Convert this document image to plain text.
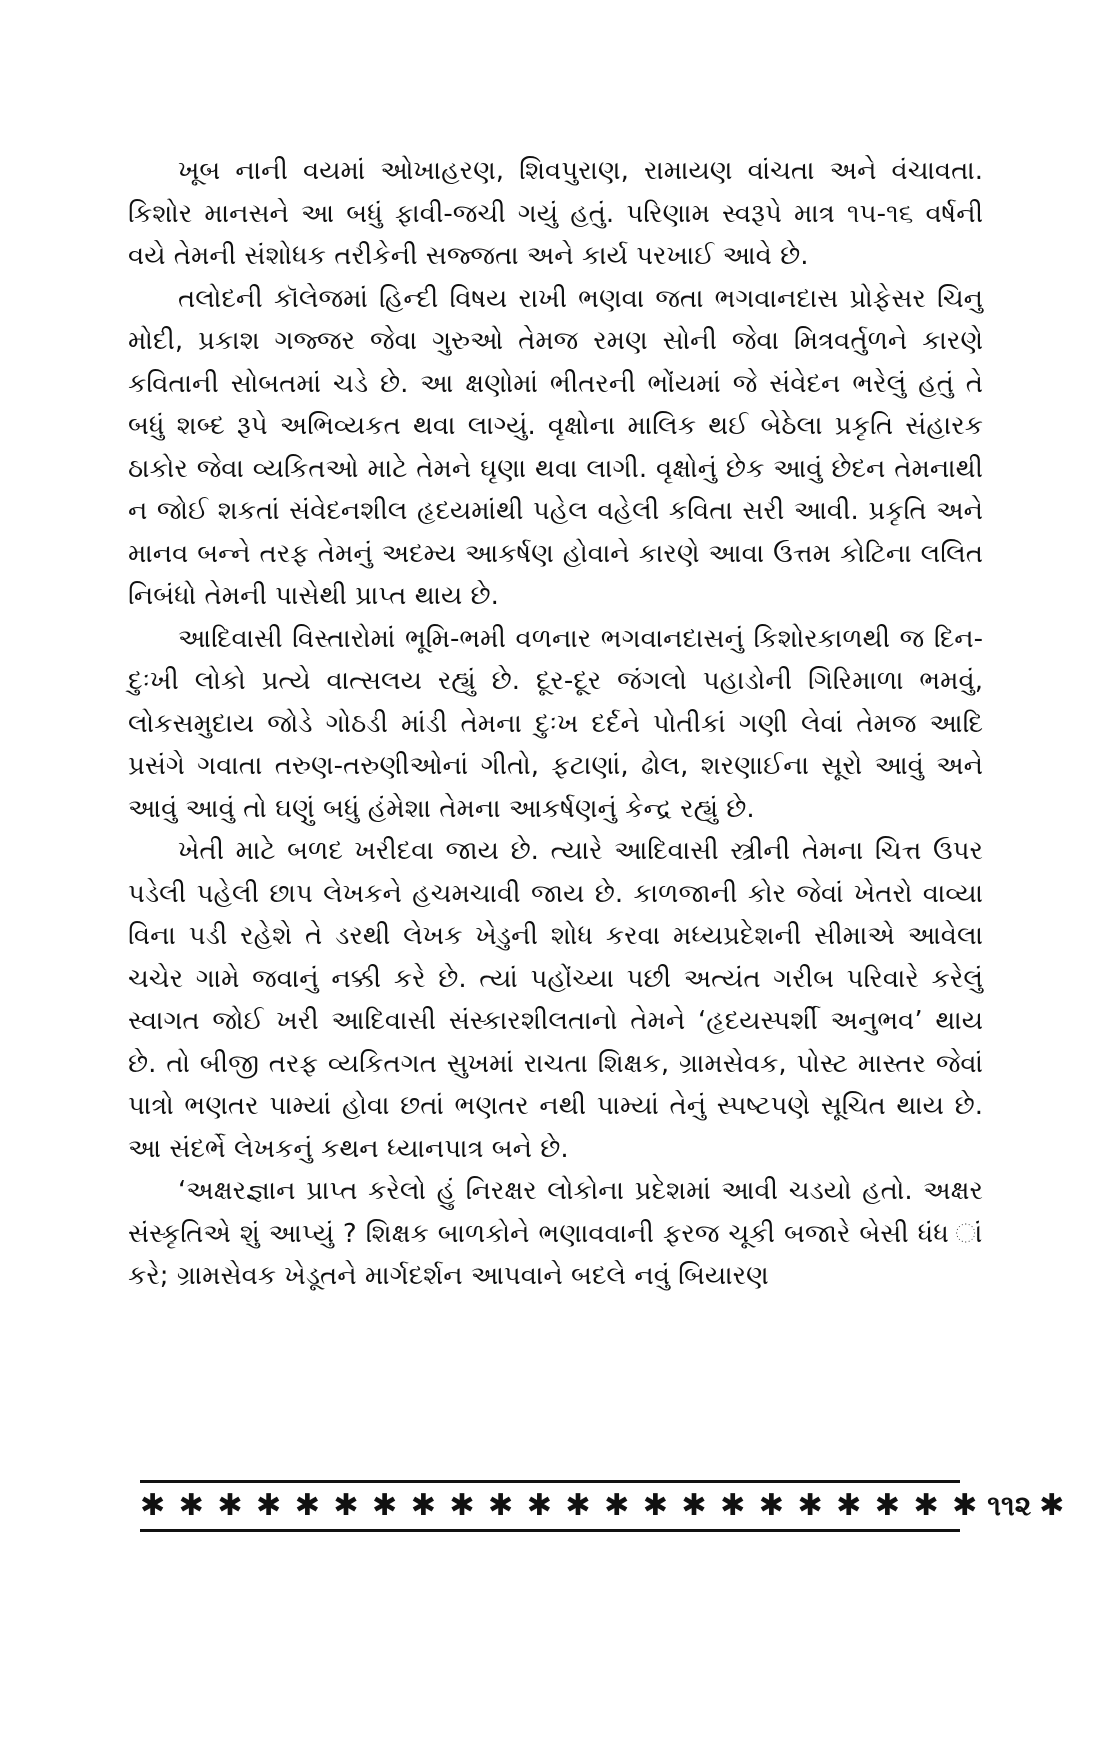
ખૂબ નાની વયમાં ઓખાહરણ, શિવપુરાણ, રામાયણ વાંચતા અને વંચાવતા. કિશોર માનસને આ બધું ફાવી-જચી ગયું હતું. પરિણામ સ્વરૂપે માત્ર ૧૫-૧૬ વર્ષની વયે તેમની સંશોધક તરીકેની સજ્જતા અને કાર્ય પરખાઈ આવે છે.

તલોદની કૉલેજમાં હિન્દી વિષય રાખી ભણવા જતા ભગવાનદાસ પ્રોફેસર ચિનુ મોદી, પ્રકાશ ગજ્જર જેવા ગુરુઓ તેમજ રમણ સોની જેવા મિત્રવર્તુળને કારણે કવિતાની સોબતમાં ચડે છે. આ ક્ષણોમાં ભીતરની ભોંયમાં જે સંવેદન ભરેલું હતું તે બધું શબ્દ રૂપે અભિવ્યકત થવા લાગ્યું. વૃક્ષોના માલિક થઈ બેઠેલા પ્રકૃતિ સંહારક ઠાકોર જેવા વ્યકિતઓ માટે તેમને ઘૃણા થવા લાગી. વૃક્ષોનું છેક આવું છેદન તેમનાથી ન જોઈ શકતાં સંવેદનશીલ હૃદયમાંથી પહેલ વહેલી કવિતા સરી આવી. પ્રકૃતિ અને માનવ બન્ને તરફ તેમનું અદમ્ય આકર્ષણ હોવાને કારણે આવા ઉત્તમ કોટિના લલિત નિબંધો તેમની પાસેથી પ્રાપ્ત થાય છે.

આદિવાસી વિસ્તારોમાં ભૂમિ-ભમી વળનાર ભગવાનદાસનું કિશોરકાળથી જ દિન-દુઃખી લોકો પ્રત્યે વાત્સલય રહ્યું છે. દૂર-દૂર જંગલો પહાડોની ગિરિમાળા ભમવું, લોકસમુદાય જોડે ગોઠડી માંડી તેમના દુઃખ દર્દને પોતીકાં ગણી લેવાં તેમજ આદિ પ્રસંગે ગવાતા તરુણ-તરુણીઓનાં ગીતો, ફટાણાં, ઢોલ, શરણાઈના સૂરો આવું અને આવું આવું તો ઘણું બધું હંમેશા તેમના આકર્ષણનું કેન્દ્ર રહ્યું છે.

ખેતી માટે બળદ ખરીદવા જાય છે. ત્યારે આદિવાસી સ્ત્રીની તેમના ચિત્ત ઉપર પડેલી પહેલી છાપ લેખકને હચમચાવી જાય છે. કાળજાની કોર જેવાં ખેતરો વાવ્યા વિના પડી રહેશે તે ડરથી લેખક ખેડુની શોધ કરવા મધ્યપ્રદેશની સીમાએ આવેલા ચચેર ગામે જવાનું નક્કી કરે છે. ત્યાં પહોંચ્યા પછી અત્યંત ગરીબ પરિવારે કરેલું સ્વાગત જોઈ ખરી આદિવાસી સંસ્કારશીલતાનો તેમને ‘હૃદયસ્પર્શી અનુભવ’ થાય છે. તો બીજી તરફ વ્યકિતગત સુખમાં રાચતા શિક્ષક, ગ્રામસેવક, પોસ્ટ માસ્તર જેવાં પાત્રો ભણતર પામ્યાં હોવા છતાં ભણતર નથી પામ્યાં તેનું સ્પષ્ટપણે સૂચિત થાય છે. આ સંદર્ભે લેખકનું કથન ધ્યાનપાત્ર બને છે.

‘અક્ષરજ્ઞાન પ્રાપ્ત કરેલો હું નિરક્ષર લોકોના પ્રદેશમાં આવી ચડયો હતો. અક્ષર સંસ્કૃતિએ શું આપ્યું ? શિક્ષક બાળકોને ભણાવવાની ફરજ ચૂકી બજારે બેસી ધંધ ાં કરે; ગ્રામસેવક ખેડૂતને માર્ગદર્શન આપવાને બદલે નવું બિયારણ

✱ ✱ ✱ ✱ ✱ ✱ ✱ ✱ ✱ ✱ ✱ ✱ ✱ ✱ ✱ ✱ ✱ ✱ ✱ ✱ ✱ ✱ ૧૧૨ ✱
